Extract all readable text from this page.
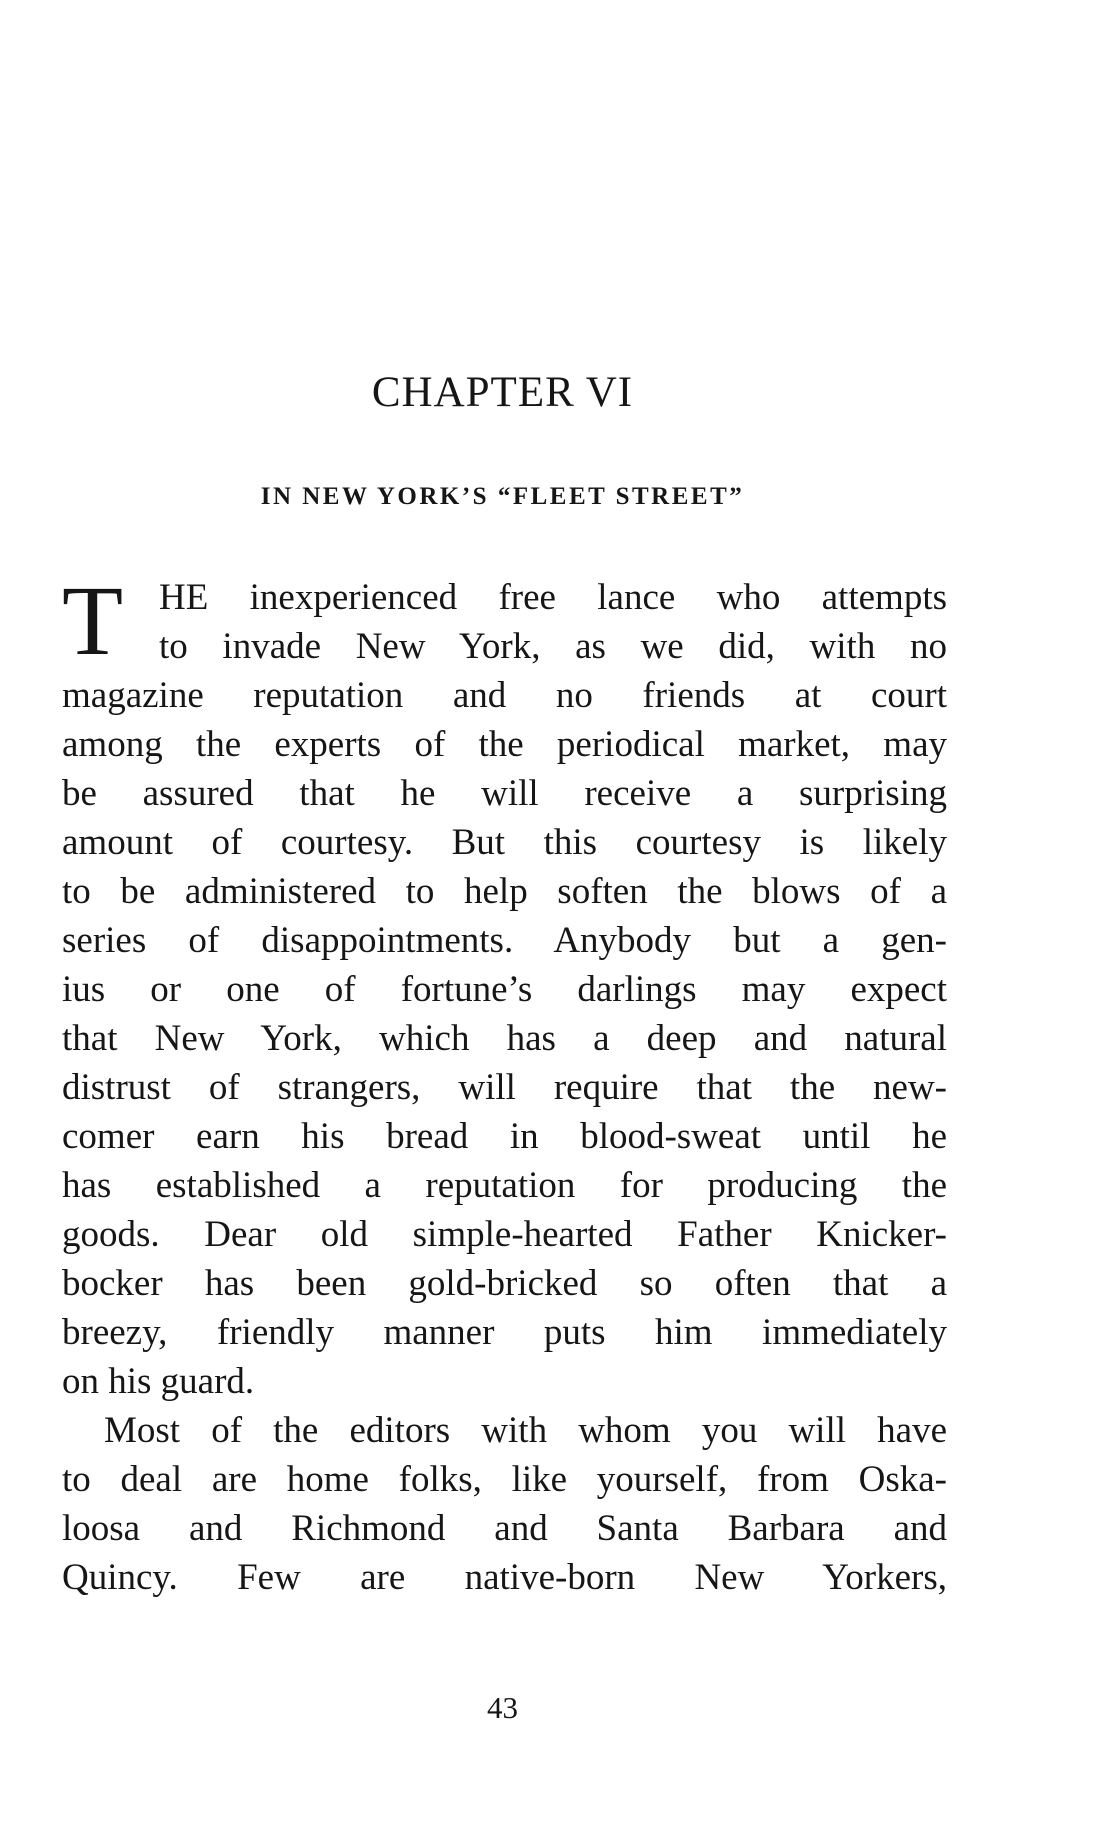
CHAPTER VI
IN NEW YORK’S “FLEET STREET”
T HE inexperienced free lance who attempts
to invade New York, as we did, with no
magazine reputation and no friends at court
among the experts of the periodical market, may
be assured that he will receive a surprising
amount of courtesy. But this courtesy is likely
to be administered to help soften the blows of a
series of disappointments. Anybody but a gen-
ius or one of fortune’s darlings may expect
that New York, which has a deep and natural
distrust of strangers, will require that the new-
comer earn his bread in blood-sweat until he
has established a reputation for producing the
goods. Dear old simple-hearted Father Knicker-
bocker has been gold-bricked so often that a
breezy, friendly manner puts him immediately
on his guard.
Most of the editors with whom you will have
to deal are home folks, like yourself, from Oska-
loosa and Richmond and Santa Barbara and
Quincy. Few are native-born New Yorkers,
43
